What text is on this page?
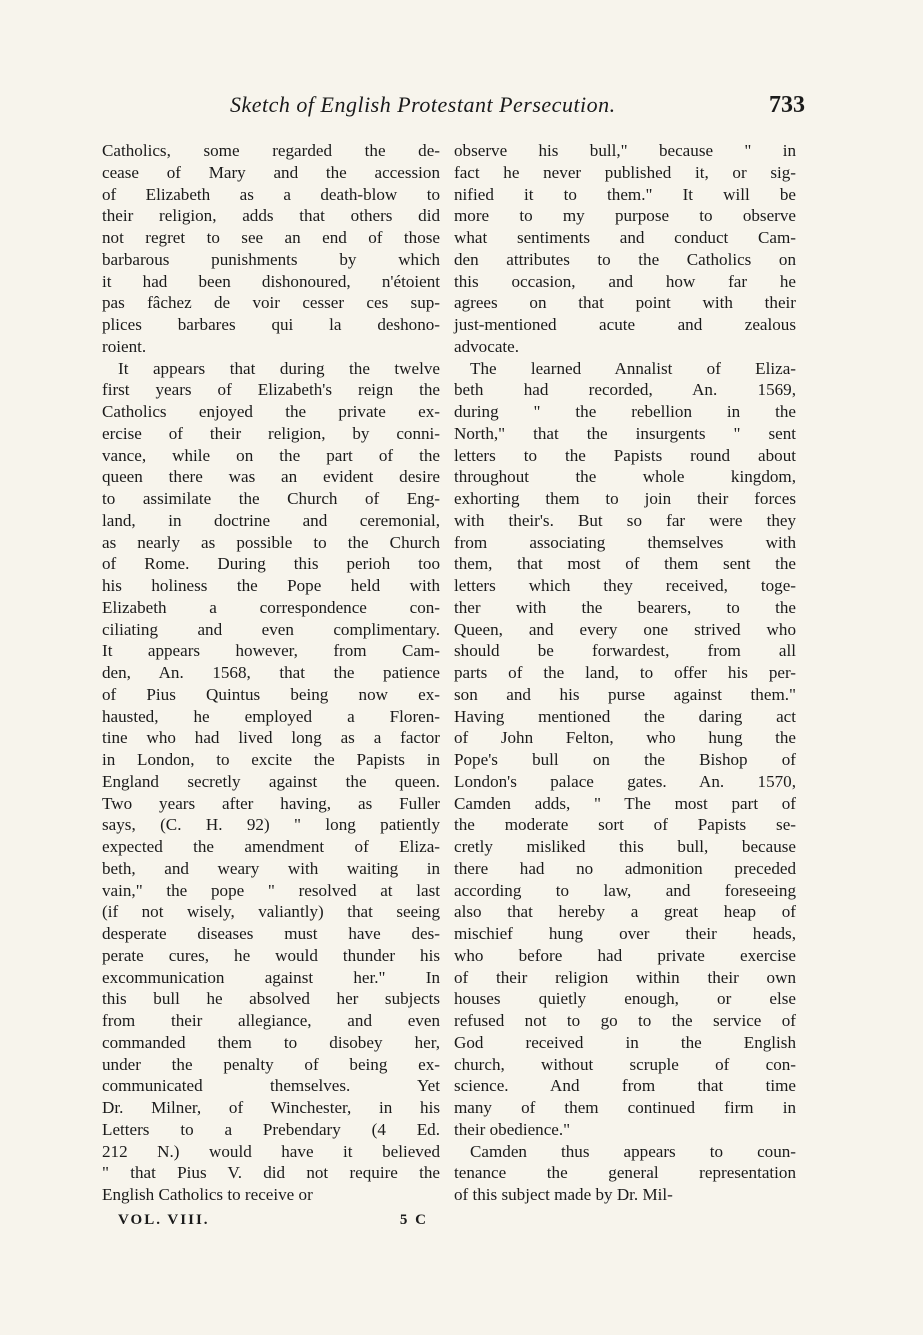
Sketch of English Protestant Persecution.	733
Catholics, some regarded the de-
cease of Mary and the accession
of Elizabeth as a death-blow to
their religion, adds that others did
not regret to see an end of those
barbarous punishments by which
it had been dishonoured, n'étoient
pas fâchez de voir cesser ces sup-
plices barbares qui la deshono-
roient.
It appears that during the twelve
first years of Elizabeth's reign the
Catholics enjoyed the private ex-
ercise of their religion, by conni-
vance, while on the part of the
queen there was an evident desire
to assimilate the Church of Eng-
land, in doctrine and ceremonial,
as nearly as possible to the Church
of Rome. During this perioh too
his holiness the Pope held with
Elizabeth a correspondence con-
ciliating and even complimentary.
It appears however, from Cam-
den, An. 1568, that the patience
of Pius Quintus being now ex-
hausted, he employed a Floren-
tine who had lived long as a factor
in London, to excite the Papists in
England secretly against the queen.
Two years after having, as Fuller
says, (C. H. 92) " long patiently
expected the amendment of Eliza-
beth, and weary with waiting in
vain," the pope " resolved at last
(if not wisely, valiantly) that seeing
desperate diseases must have des-
perate cures, he would thunder his
excommunication against her." In
this bull he absolved her subjects
from their allegiance, and even
commanded them to disobey her,
under the penalty of being ex-
communicated themselves. Yet
Dr. Milner, of Winchester, in his
Letters to a Prebendary (4 Ed.
212 N.) would have it believed
" that Pius V. did not require the
English Catholics to receive or
observe his bull," because " in
fact he never published it, or sig-
nified it to them." It will be
more to my purpose to observe
what sentiments and conduct Cam-
den attributes to the Catholics on
this occasion, and how far he
agrees on that point with their
just-mentioned acute and zealous
advocate.
The learned Annalist of Eliza-
beth had recorded, An. 1569,
during " the rebellion in the
North," that the insurgents " sent
letters to the Papists round about
throughout the whole kingdom,
exhorting them to join their forces
with their's. But so far were they
from associating themselves with
them, that most of them sent the
letters which they received, toge-
ther with the bearers, to the
Queen, and every one strived who
should be forwardest, from all
parts of the land, to offer his per-
son and his purse against them."
Having mentioned the daring act
of John Felton, who hung the
Pope's bull on the Bishop of
London's palace gates. An. 1570,
Camden adds, " The most part of
the moderate sort of Papists se-
cretly misliked this bull, because
there had no admonition preceded
according to law, and foreseeing
also that hereby a great heap of
mischief hung over their heads,
who before had private exercise
of their religion within their own
houses quietly enough, or else
refused not to go to the service of
God received in the English
church, without scruple of con-
science. And from that time
many of them continued firm in
their obedience."
Camden thus appears to coun-
tenance the general representation
of this subject made by Dr. Mil-
VOL. VIII.	5 C
